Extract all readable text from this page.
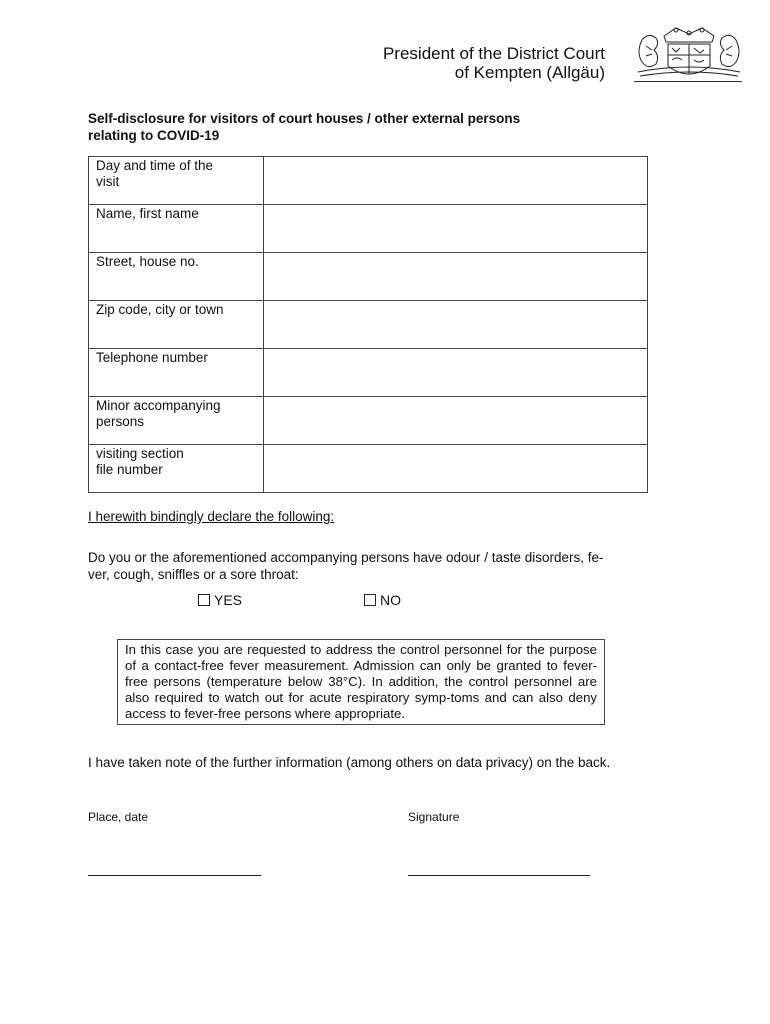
President of the District Court
of Kempten (Allgäu)
Self-disclosure for visitors of court houses / other external persons
relating to COVID-19
Day and time of the
visit	

Name, first name	

Street, house no.	

Zip code, city or town	

Telephone number	

Minor accompanying
persons	

visiting section
file number	

I herewith bindingly declare the following:
Do you or the aforementioned accompanying persons have odour / taste disorders, fe-
ver, cough, sniffles or a sore throat:
YES	NO
In this case you are requested to address the control personnel for the purpose of a contact-free fever measurement. Admission can only be granted to fever-free persons (temperature below 38°C). In addition, the control personnel are also required to watch out for acute respiratory symp-toms and can also deny access to fever-free persons where appropriate.
I have taken note of the further information (among others on data privacy) on the back.
Place, date	Signature
